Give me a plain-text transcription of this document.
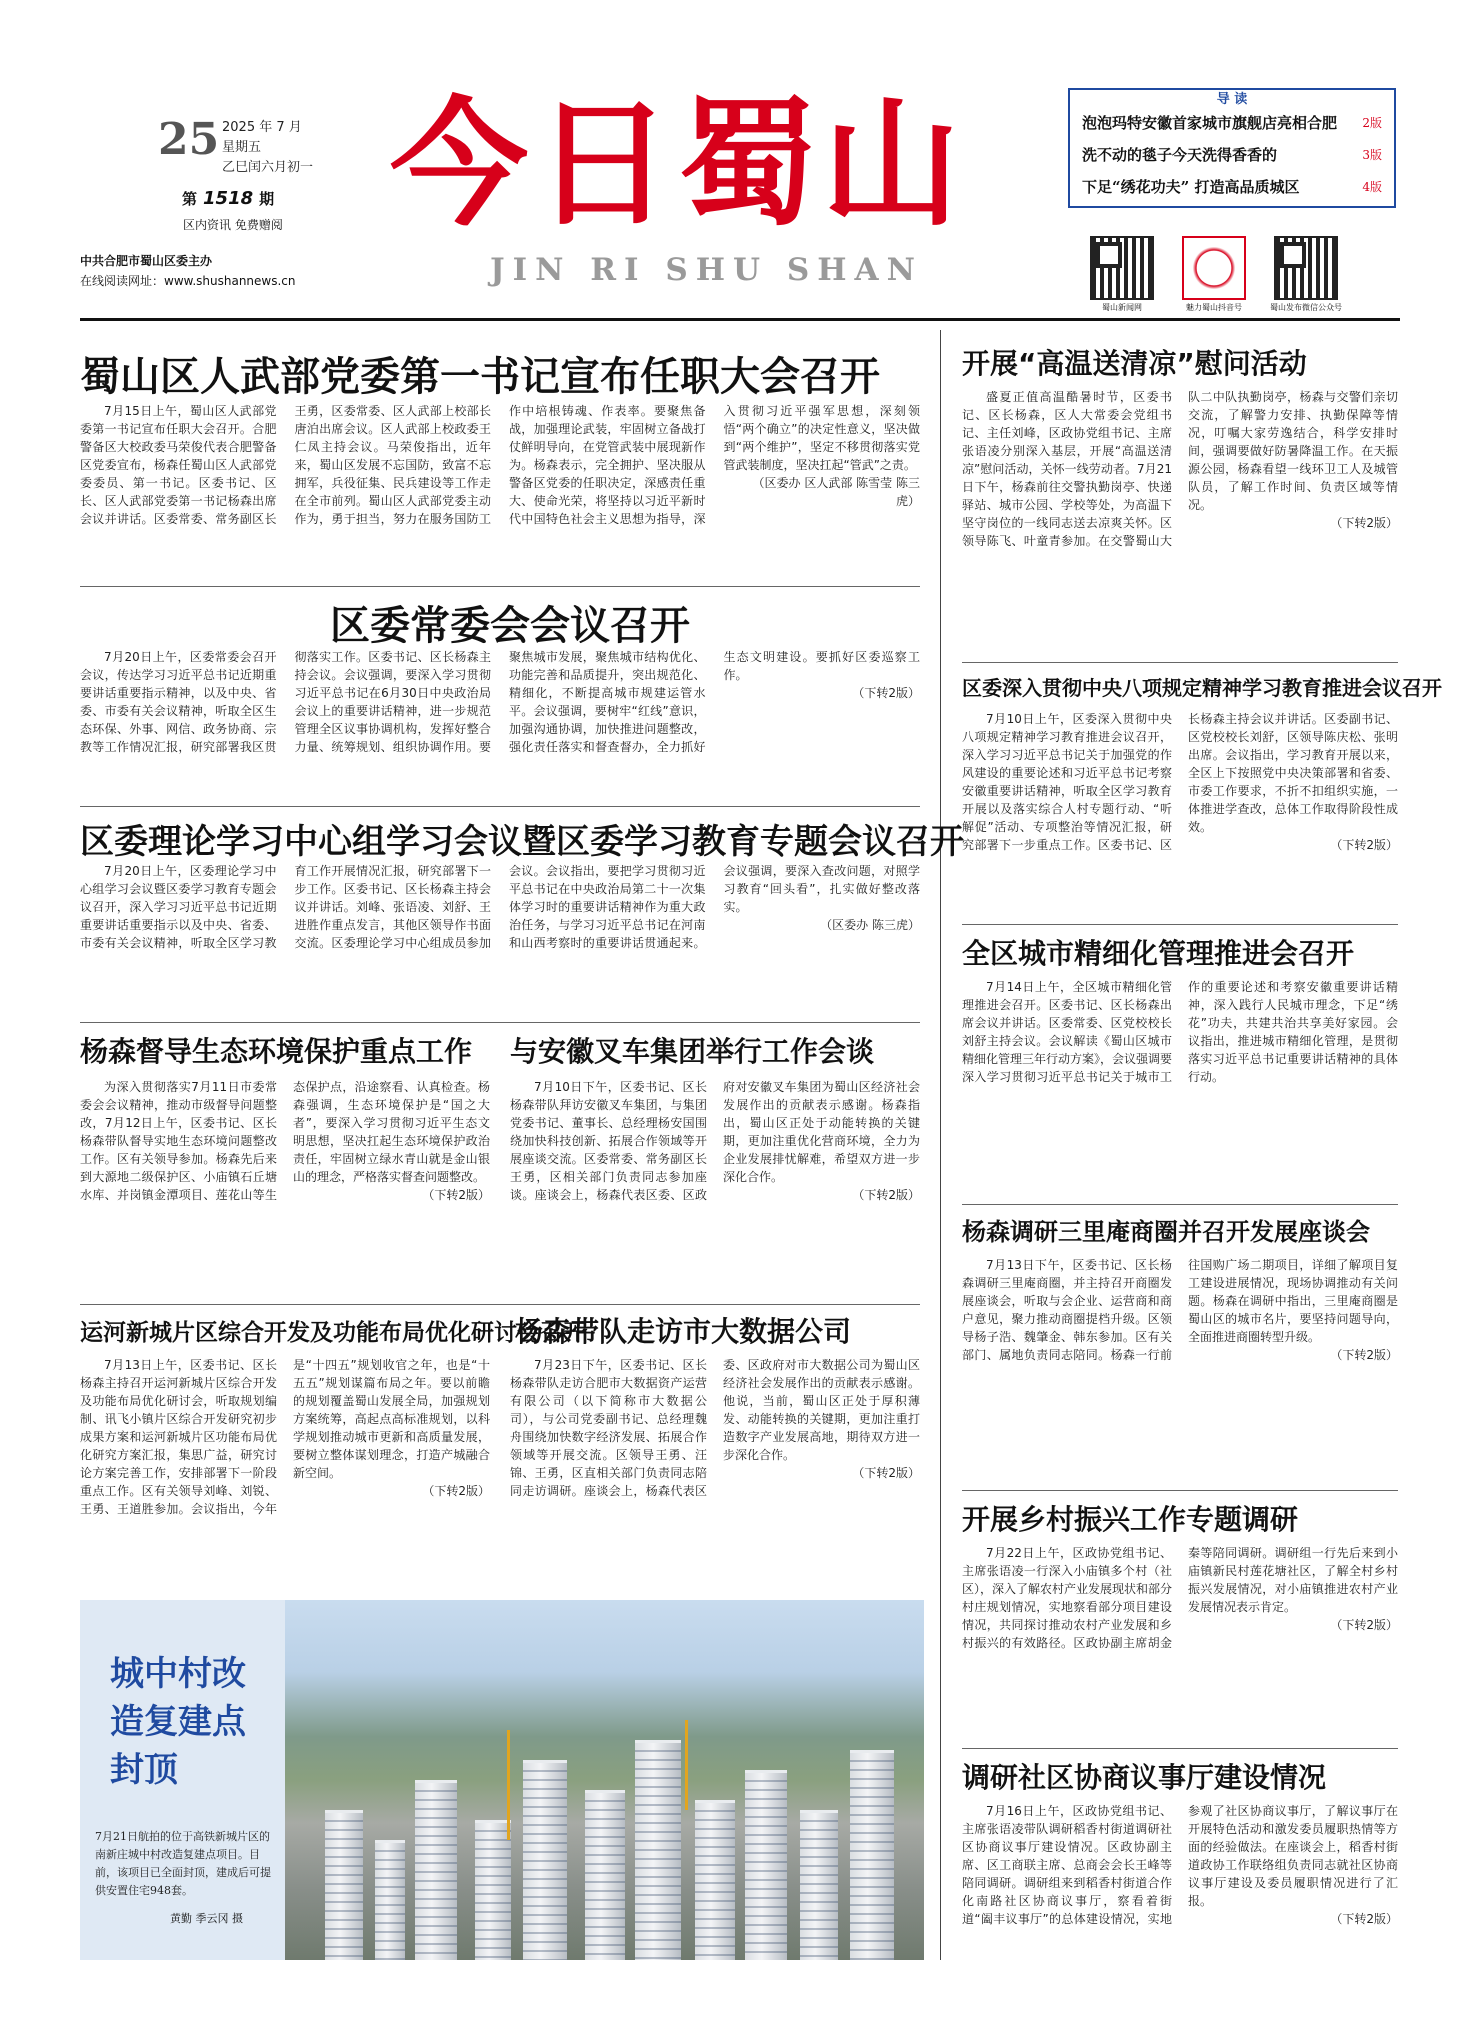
25 2025 年 7 月
星期五
乙巳闰六月初一
第 1518 期
区内资讯 免费赠阅
中共合肥市蜀山区委主办
在线阅读网址：www.shushannews.cn
今日蜀山
JIN RI SHU SHAN
导 读
泡泡玛特安徽首家城市旗舰店亮相合肥 2版
洗不动的毯子今天洗得香香的	3版
下足“绣花功夫” 打造高品质城区	4版
蜀山新闻网	魅力蜀山抖音号	蜀山发布微信公众号
蜀山区人武部党委第一书记宣布任职大会召开

7月15日上午，蜀山区人武部党委第一书记宣布任职大会召开。合肥警备区大校政委马荣俊代表合肥警备区党委宣布，杨森任蜀山区人武部党委委员、第一书记。区委书记、区长、区人武部党委第一书记杨森出席会议并讲话。区委常委、常务副区长王勇，区委常委、区人武部上校部长唐泊出席会议。区人武部上校政委王仁凤主持会议。马荣俊指出，近年来，蜀山区发展不忘国防，致富不忘拥军，兵役征集、民兵建设等工作走在全市前列。蜀山区人武部党委主动作为，勇于担当，努力在服务国防工作中培根铸魂、作表率。要聚焦备战，加强理论武装，牢固树立备战打仗鲜明导向，在党管武装中展现新作为。杨森表示，完全拥护、坚决服从警备区党委的任职决定，深感责任重大、使命光荣，将坚持以习近平新时代中国特色社会主义思想为指导，深入贯彻习近平强军思想，深刻领悟“两个确立”的决定性意义，坚决做到“两个维护”，坚定不移贯彻落实党管武装制度，坚决扛起“管武”之责。

（区委办 区人武部 陈雪莹 陈三虎）

区委常委会会议召开

7月20日上午，区委常委会召开会议，传达学习习近平总书记近期重要讲话重要指示精神，以及中央、省委、市委有关会议精神，听取全区生态环保、外事、网信、政务协商、宗教等工作情况汇报，研究部署我区贯彻落实工作。区委书记、区长杨森主持会议。会议强调，要深入学习贯彻习近平总书记在6月30日中央政治局会议上的重要讲话精神，进一步规范管理全区议事协调机构，发挥好整合力量、统筹规划、组织协调作用。要聚焦城市发展，聚焦城市结构优化、功能完善和品质提升，突出规范化、精细化，不断提高城市规建运管水平。会议强调，要树牢“红线”意识，加强沟通协调，加快推进问题整改，强化责任落实和督查督办，全力抓好生态文明建设。要抓好区委巡察工作。

（下转2版）

区委理论学习中心组学习会议暨区委学习教育专题会议召开

7月20日上午，区委理论学习中心组学习会议暨区委学习教育专题会议召开，深入学习习近平总书记近期重要讲话重要指示以及中央、省委、市委有关会议精神，听取全区学习教育工作开展情况汇报，研究部署下一步工作。区委书记、区长杨森主持会议并讲话。刘峰、张语凌、刘舒、王进胜作重点发言，其他区领导作书面交流。区委理论学习中心组成员参加会议。会议指出，要把学习贯彻习近平总书记在中央政治局第二十一次集体学习时的重要讲话精神作为重大政治任务，与学习习近平总书记在河南和山西考察时的重要讲话贯通起来。会议强调，要深入查改问题，对照学习教育“回头看”，扎实做好整改落实。

（区委办 陈三虎）

杨森督导生态环境保护重点工作

为深入贯彻落实7月11日市委常委会会议精神，推动市级督导问题整改，7月12日上午，区委书记、区长杨森带队督导实地生态环境问题整改工作。区有关领导参加。杨森先后来到大源地二级保护区、小庙镇石丘塘水库、并岗镇金潭项目、莲花山等生态保护点，沿途察看、认真检查。杨森强调，生态环境保护是“国之大者”，要深入学习贯彻习近平生态文明思想，坚决扛起生态环境保护政治责任，牢固树立绿水青山就是金山银山的理念，严格落实督查问题整改。

（下转2版）

与安徽叉车集团举行工作会谈

7月10日下午，区委书记、区长杨森带队拜访安徽叉车集团，与集团党委书记、董事长、总经理杨安国围绕加快科技创新、拓展合作领域等开展座谈交流。区委常委、常务副区长王勇，区相关部门负责同志参加座谈。座谈会上，杨森代表区委、区政府对安徽叉车集团为蜀山区经济社会发展作出的贡献表示感谢。杨森指出，蜀山区正处于动能转换的关键期，更加注重优化营商环境，全力为企业发展排忧解难，希望双方进一步深化合作。

（下转2版）

运河新城片区综合开发及功能布局优化研讨会召开

7月13日上午，区委书记、区长杨森主持召开运河新城片区综合开发及功能布局优化研讨会，听取规划编制、讯飞小镇片区综合开发研究初步成果方案和运河新城片区功能布局优化研究方案汇报，集思广益，研究讨论方案完善工作，安排部署下一阶段重点工作。区有关领导刘峰、刘锐、王勇、王道胜参加。会议指出，今年是“十四五”规划收官之年，也是“十五五”规划谋篇布局之年。要以前瞻的规划覆盖蜀山发展全局，加强规划方案统筹，高起点高标准规划，以科学规划推动城市更新和高质量发展，要树立整体谋划理念，打造产城融合新空间。

（下转2版）

杨森带队走访市大数据公司

7月23日下午，区委书记、区长杨森带队走访合肥市大数据资产运营有限公司（以下简称市大数据公司），与公司党委副书记、总经理魏舟围绕加快数字经济发展、拓展合作领域等开展交流。区领导王勇、汪锦、王勇，区直相关部门负责同志陪同走访调研。座谈会上，杨森代表区委、区政府对市大数据公司为蜀山区经济社会发展作出的贡献表示感谢。他说，当前，蜀山区正处于厚积薄发、动能转换的关键期，更加注重打造数字产业发展高地，期待双方进一步深化合作。

（下转2版）

城中村改造复建点封顶
7月21日航拍的位于高铁新城片区的南新庄城中村改造复建点项目。目前，该项目已全面封顶，建成后可提供安置住宅948套。
黄勤 季云冈 摄
开展“高温送清凉”慰问活动

盛夏正值高温酷暑时节，区委书记、区长杨森，区人大常委会党组书记、主任刘峰，区政协党组书记、主席张语凌分别深入基层，开展“高温送清凉”慰问活动，关怀一线劳动者。7月21日下午，杨森前往交警执勤岗亭、快递驿站、城市公园、学校等处，为高温下坚守岗位的一线同志送去凉爽关怀。区领导陈飞、叶童青参加。在交警蜀山大队二中队执勤岗亭，杨森与交警们亲切交流，了解警力安排、执勤保障等情况，叮嘱大家劳逸结合，科学安排时间，强调要做好防暑降温工作。在天振源公园，杨森看望一线环卫工人及城管队员，了解工作时间、负责区域等情况。

（下转2版）

区委深入贯彻中央八项规定精神学习教育推进会议召开

7月10日上午，区委深入贯彻中央八项规定精神学习教育推进会议召开，深入学习习近平总书记关于加强党的作风建设的重要论述和习近平总书记考察安徽重要讲话精神，听取全区学习教育开展以及落实综合人村专题行动、“听解促”活动、专项整治等情况汇报，研究部署下一步重点工作。区委书记、区长杨森主持会议并讲话。区委副书记、区党校校长刘舒，区领导陈庆松、张明出席。会议指出，学习教育开展以来，全区上下按照党中央决策部署和省委、市委工作要求，不折不扣组织实施，一体推进学查改，总体工作取得阶段性成效。

（下转2版）

全区城市精细化管理推进会召开

7月14日上午，全区城市精细化管理推进会召开。区委书记、区长杨森出席会议并讲话。区委常委、区党校校长刘舒主持会议。会议解读《蜀山区城市精细化管理三年行动方案》，会议强调要深入学习贯彻习近平总书记关于城市工作的重要论述和考察安徽重要讲话精神，深入践行人民城市理念，下足“绣花”功夫，共建共治共享美好家园。会议指出，推进城市精细化管理，是贯彻落实习近平总书记重要讲话精神的具体行动。

杨森调研三里庵商圈并召开发展座谈会

7月13日下午，区委书记、区长杨森调研三里庵商圈，并主持召开商圈发展座谈会，听取与会企业、运营商和商户意见，聚力推动商圈提档升级。区领导杨子浩、魏肇金、韩东参加。区有关部门、属地负责同志陪同。杨森一行前往国购广场二期项目，详细了解项目复工建设进展情况，现场协调推动有关问题。杨森在调研中指出，三里庵商圈是蜀山区的城市名片，要坚持问题导向，全面推进商圈转型升级。

（下转2版）

开展乡村振兴工作专题调研

7月22日上午，区政协党组书记、主席张语凌一行深入小庙镇多个村（社区），深入了解农村产业发展现状和部分村庄规划情况，实地察看部分项目建设情况，共同探讨推动农村产业发展和乡村振兴的有效路径。区政协副主席胡金秦等陪同调研。调研组一行先后来到小庙镇新民村莲花塘社区，了解全村乡村振兴发展情况，对小庙镇推进农村产业发展情况表示肯定。

（下转2版）

调研社区协商议事厅建设情况

7月16日上午，区政协党组书记、主席张语凌带队调研稻香村街道调研社区协商议事厅建设情况。区政协副主席、区工商联主席、总商会会长王峰等陪同调研。调研组来到稻香村街道合作化南路社区协商议事厅，察看着街道“阖丰议事厅”的总体建设情况，实地参观了社区协商议事厅，了解议事厅在开展特色活动和激发委员履职热情等方面的经验做法。在座谈会上，稻香村街道政协工作联络组负责同志就社区协商议事厅建设及委员履职情况进行了汇报。

（下转2版）
